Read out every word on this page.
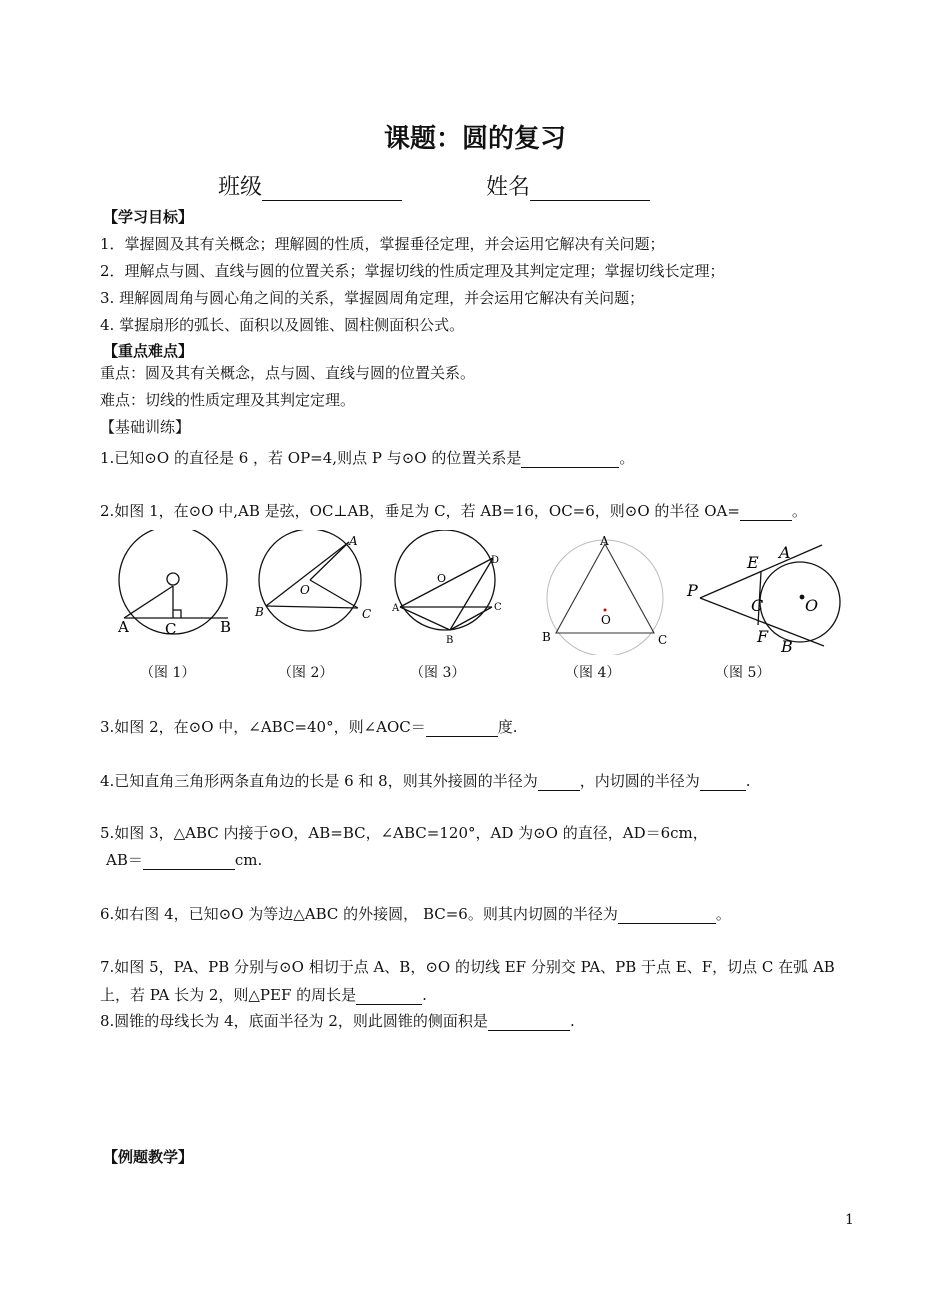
课题：圆的复习
班级	姓名
【学习目标】
1．掌握圆及其有关概念；理解圆的性质，掌握垂径定理，并会运用它解决有关问题；
2．理解点与圆、直线与圆的位置关系；掌握切线的性质定理及其判定定理；掌握切线长定理；
3. 理解圆周角与圆心角之间的关系，掌握圆周角定理，并会运用它解决有关问题；
4. 掌握扇形的弧长、面积以及圆锥、圆柱侧面积公式。
【重点难点】
重点：圆及其有关概念，点与圆、直线与圆的位置关系。
难点：切线的性质定理及其判定定理。
【基础训练】
1.已知⊙O 的直径是 6 ，若 OP=4,则点 P 与⊙O 的位置关系是	。
2.如图 1，在⊙O 中,AB 是弦，OC⊥AB，垂足为 C，若 AB=16，OC=6，则⊙O 的半径 OA=	。
A C	B
A
B	C
O
O
A
B
C
D
A
B	C
O
P
E
A
C	O
F
B
（图 1）	（图 2）	（图 3）	（图 4）	（图 5）
3.如图 2，在⊙O 中，∠ABC=40°，则∠AOC＝	度.
4.已知直角三角形两条直角边的长是 6 和 8，则其外接圆的半径为	，内切圆的半径为	.
5.如图 3，△ABC 内接于⊙O，AB=BC，∠ABC=120°，AD 为⊙O 的直径，AD＝6cm，
AB＝	cm.
6.如右图 4，已知⊙O 为等边△ABC 的外接圆， BC=6。则其内切圆的半径为	。
7.如图 5，PA、PB 分别与⊙O 相切于点 A、B，⊙O 的切线 EF 分别交 PA、PB 于点 E、F，切点 C 在弧 AB
上，若 PA 长为 2，则△PEF 的周长是	.
8.圆锥的母线长为 4，底面半径为 2，则此圆锥的侧面积是	.
【例题教学】
1
